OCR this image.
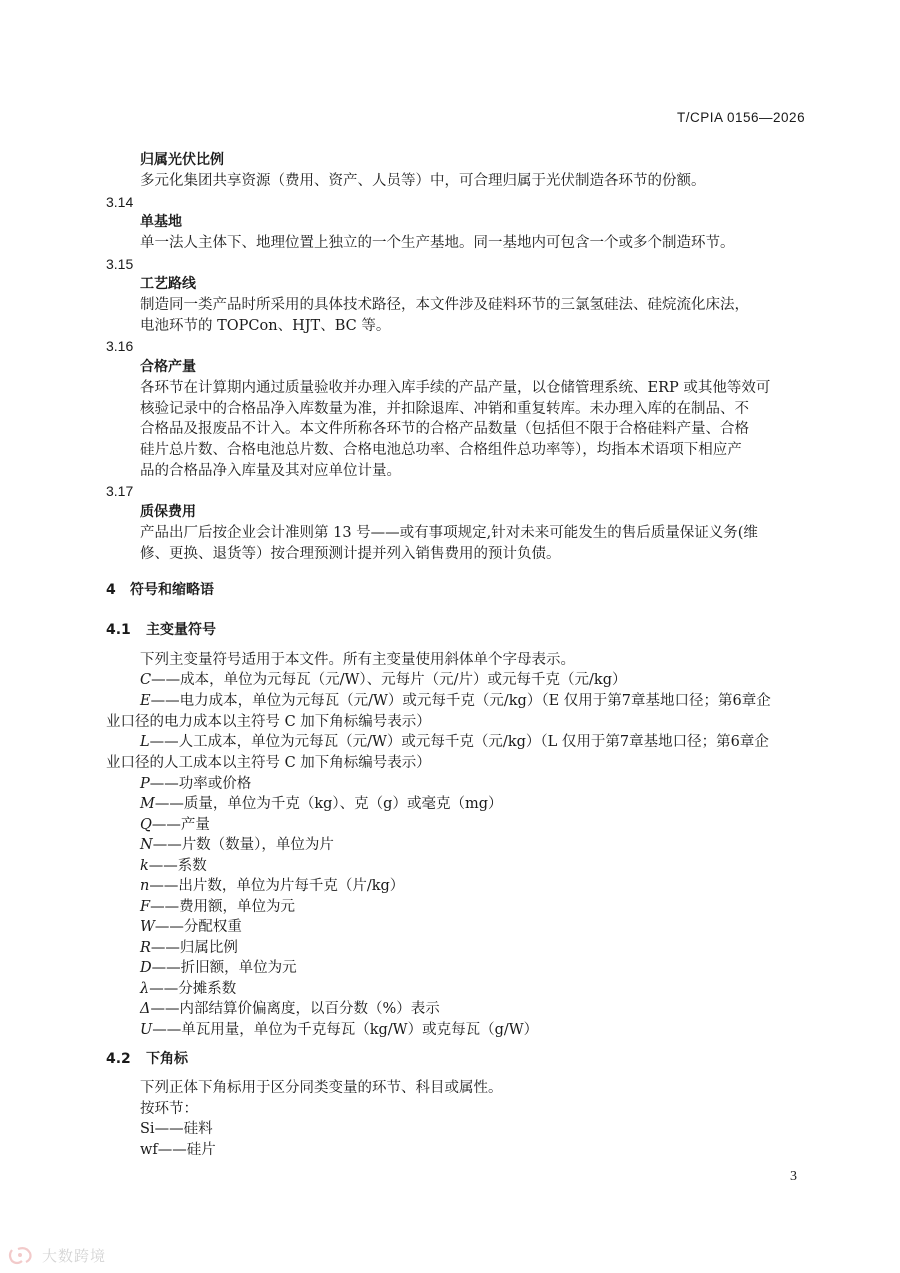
T/CPIA 0156—2026
归属光伏比例
多元化集团共享资源（费用、资产、人员等）中，可合理归属于光伏制造各环节的份额。
3.14
单基地
单一法人主体下、地理位置上独立的一个生产基地。同一基地内可包含一个或多个制造环节。
3.15
工艺路线
制造同一类产品时所采用的具体技术路径，本文件涉及硅料环节的三氯氢硅法、硅烷流化床法，
电池环节的 TOPCon、HJT、BC 等。
3.16
合格产量
各环节在计算期内通过质量验收并办理入库手续的产品产量，以仓储管理系统、ERP 或其他等效可
核验记录中的合格品净入库数量为准，并扣除退库、冲销和重复转库。未办理入库的在制品、不
合格品及报废品不计入。本文件所称各环节的合格产品数量（包括但不限于合格硅料产量、合格
硅片总片数、合格电池总片数、合格电池总功率、合格组件总功率等），均指本术语项下相应产
品的合格品净入库量及其对应单位计量。
3.17
质保费用
产品出厂后按企业会计准则第 13 号——或有事项规定,针对未来可能发生的售后质量保证义务(维
修、更换、退货等）按合理预测计提并列入销售费用的预计负债。
4 符号和缩略语
4.1 主变量符号
下列主变量符号适用于本文件。所有主变量使用斜体单个字母表示。
C——成本，单位为元每瓦（元/W）、元每片（元/片）或元每千克（元/kg）
E——电力成本，单位为元每瓦（元/W）或元每千克（元/kg）（E 仅用于第7章基地口径；第6章企
业口径的电力成本以主符号 C 加下角标编号表示）
L——人工成本，单位为元每瓦（元/W）或元每千克（元/kg）（L 仅用于第7章基地口径；第6章企
业口径的人工成本以主符号 C 加下角标编号表示）
P——功率或价格
M——质量，单位为千克（kg）、克（g）或毫克（mg）
Q——产量
N——片数（数量），单位为片
k——系数
n——出片数，单位为片每千克（片/kg）
F——费用额，单位为元
W——分配权重
R——归属比例
D——折旧额，单位为元
λ——分摊系数
Δ——内部结算价偏离度，以百分数（%）表示
U——单瓦用量，单位为千克每瓦（kg/W）或克每瓦（g/W）
4.2 下角标
下列正体下角标用于区分同类变量的环节、科目或属性。
按环节：
Si——硅料
wf——硅片
3
大数跨境
